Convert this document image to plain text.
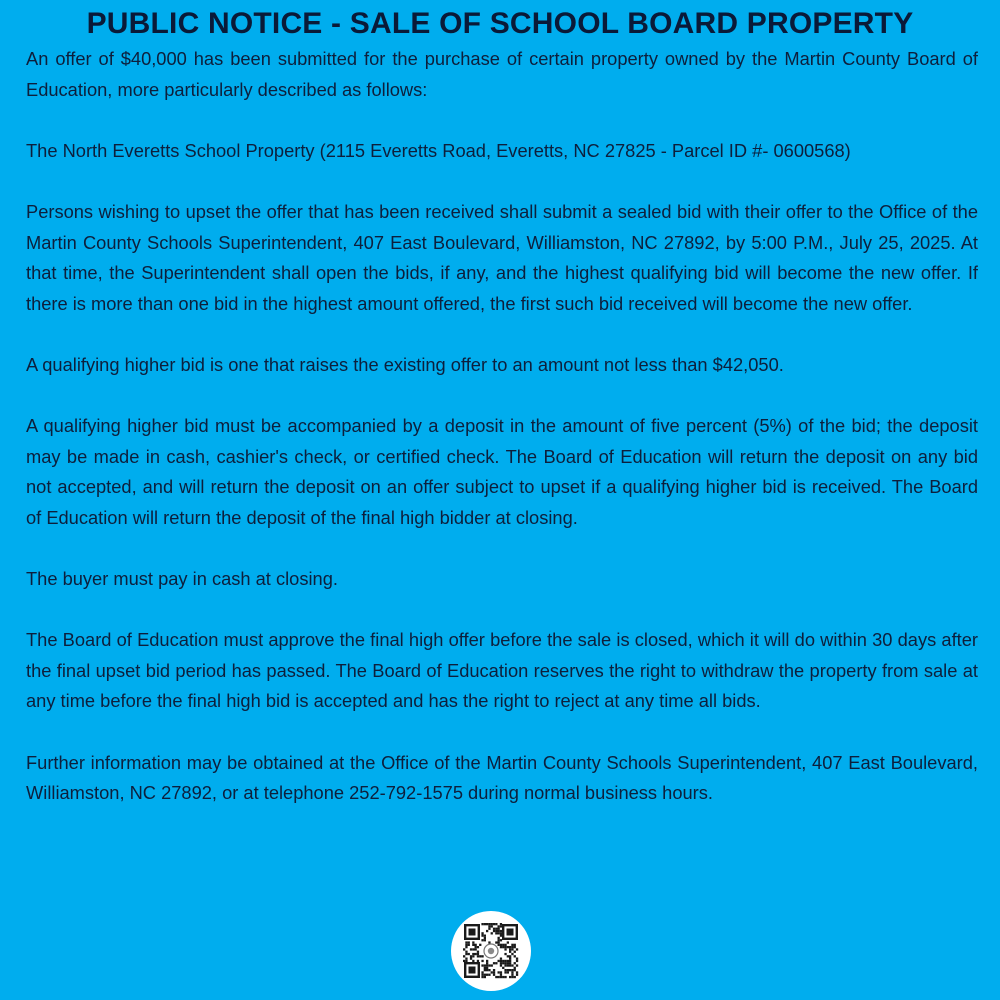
PUBLIC NOTICE - SALE OF SCHOOL BOARD PROPERTY

An offer of $40,000 has been submitted for the purchase of certain property owned by the Martin County Board of Education, more particularly described as follows:

The North Everetts School Property (2115 Everetts Road, Everetts, NC 27825 - Parcel ID #- 0600568)

Persons wishing to upset the offer that has been received shall submit a sealed bid with their offer to the Office of the Martin County Schools Superintendent, 407 East Boulevard, Williamston, NC 27892, by 5:00 P.M., July 25, 2025. At that time, the Superintendent shall open the bids, if any, and the highest qualifying bid will become the new offer. If there is more than one bid in the highest amount offered, the first such bid received will become the new offer.

A qualifying higher bid is one that raises the existing offer to an amount not less than $42,050.

A qualifying higher bid must be accompanied by a deposit in the amount of five percent (5%) of the bid; the deposit may be made in cash, cashier's check, or certified check. The Board of Education will return the deposit on any bid not accepted, and will return the deposit on an offer subject to upset if a qualifying higher bid is received. The Board of Education will return the deposit of the final high bidder at closing.

The buyer must pay in cash at closing.

The Board of Education must approve the final high offer before the sale is closed, which it will do within 30 days after the final upset bid period has passed. The Board of Education reserves the right to withdraw the property from sale at any time before the final high bid is accepted and has the right to reject at any time all bids.

Further information may be obtained at the Office of the Martin County Schools Superintendent, 407 East Boulevard, Williamston, NC 27892, or at telephone 252-792-1575 during normal business hours.
